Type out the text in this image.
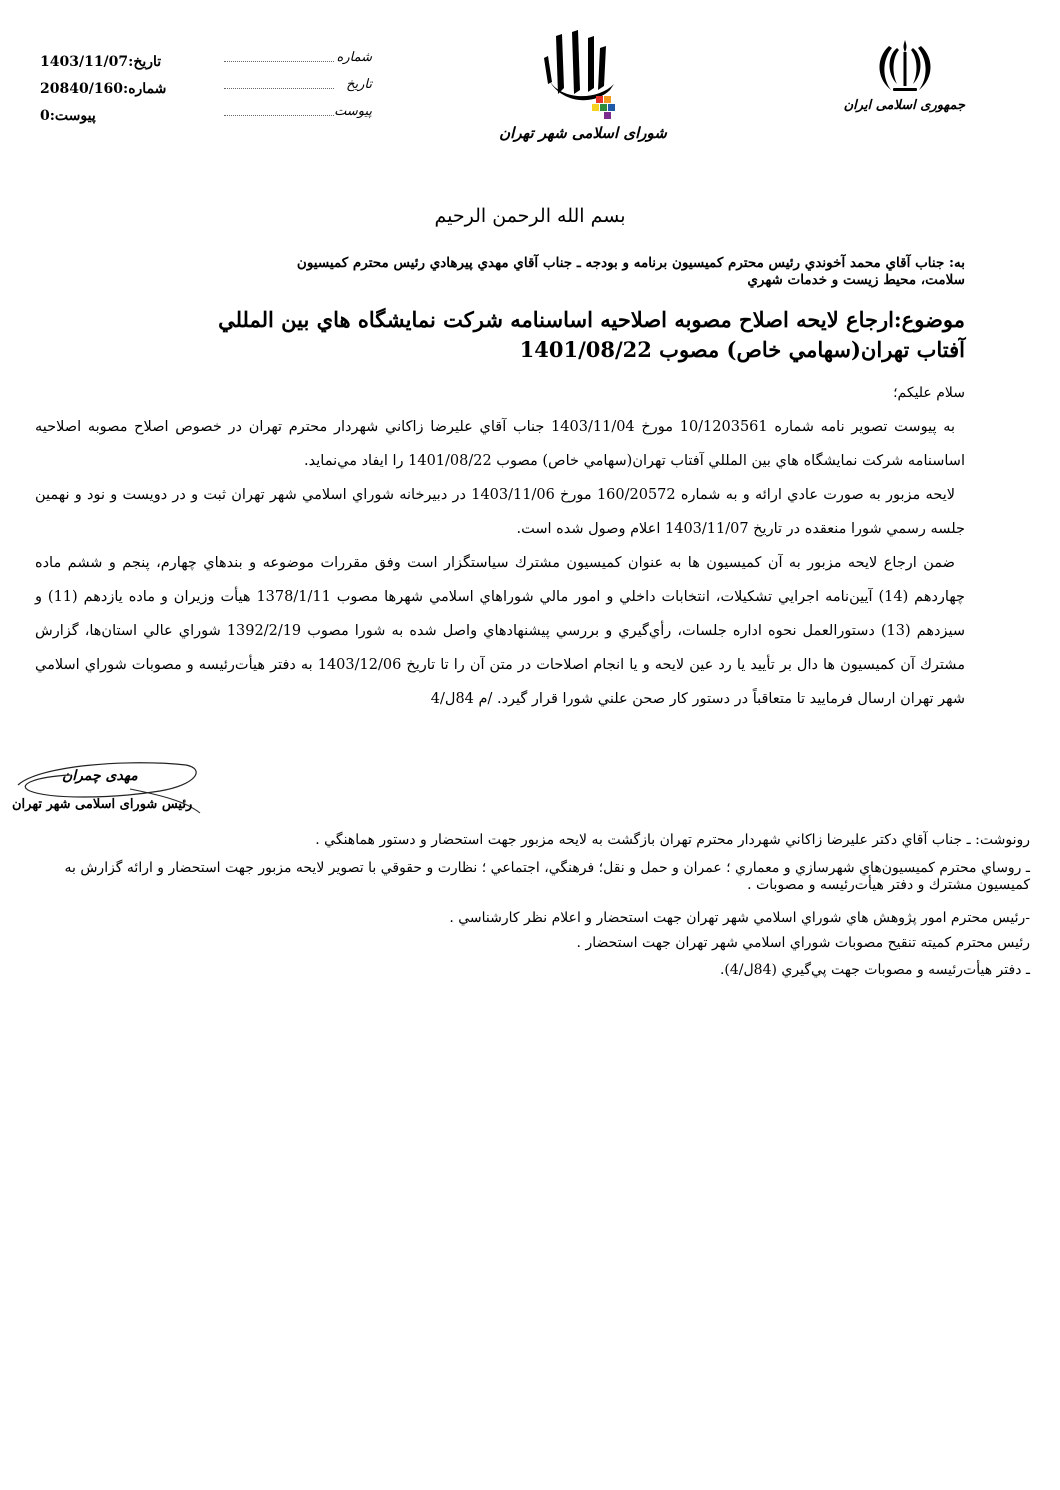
جمهوری اسلامی ایران
شورای اسلامی شهر تهران
شماره
تاریخ
پیوست
تاريخ:1403/11/07
شماره:20840/160
پيوست:0
بسم الله الرحمن الرحيم
به: جناب آقاي محمد آخوندي رئيس محترم كميسيون برنامه و بودجه ـ جناب آقاي مهدي پيرهادي رئيس محترم كميسيون سلامت، محيط زيست و خدمات شهري
موضوع:ارجاع لايحه اصلاح مصوبه اصلاحيه اساسنامه شركت نمايشگاه هاي بين المللي آفتاب تهران(سهامي خاص) مصوب 1401/08/22
سلام عليكم؛
به پيوست تصوير نامه شماره 10/1203561 مورخ 1403/11/04 جناب آقاي عليرضا زاكاني شهردار محترم تهران در خصوص اصلاح مصوبه اصلاحيه اساسنامه شركت نمايشگاه هاي بين المللي آفتاب تهران(سهامي خاص) مصوب 1401/08/22 را ايفاد مي‌نمايد.
لايحه مزبور به صورت عادي ارائه و به شماره 160/20572 مورخ 1403/11/06 در دبيرخانه شوراي اسلامي شهر تهران ثبت و در دويست و نود و نهمين جلسه رسمي شورا منعقده در تاريخ 1403/11/07 اعلام وصول شده است.
ضمن ارجاع لايحه مزبور به آن كميسيون ها به عنوان كميسيون مشترك سياستگزار است وفق مقررات موضوعه و بندهاي چهارم، پنجم و ششم ماده چهاردهم (14) آيين‌نامه اجرايي تشكيلات، انتخابات داخلي و امور مالي شوراهاي اسلامي شهرها مصوب 1378/1/11 هيأت وزيران و ماده يازدهم (11) و سيزدهم (13) دستورالعمل نحوه اداره جلسات، رأي‌گيري و بررسي پيشنهادهاي واصل شده به شورا مصوب 1392/2/19 شوراي عالي استان‌ها، گزارش مشترك آن كميسيون ها دال بر تأييد يا رد عين لايحه و يا انجام اصلاحات در متن آن را تا تاريخ 1403/12/06 به دفتر هيأت‌رئيسه و مصوبات شوراي اسلامي شهر تهران ارسال فرماييد تا متعاقباً در دستور كار صحن علني شورا قرار گيرد. /م 84ل/4
مهدی چمران
رئیس شورای اسلامی شهر تهران
رونوشت: ـ جناب آقاي دكتر عليرضا زاكاني شهردار محترم تهران بازگشت به لايحه مزبور جهت استحضار و دستور هماهنگي .
ـ روساي محترم كميسيون‌هاي شهرسازي و معماري ؛ عمران و حمل و نقل؛ فرهنگي، اجتماعي ؛ نظارت و حقوقي با تصوير لايحه مزبور جهت استحضار و ارائه گزارش به كميسيون مشترك و دفتر هيأت‌رئيسه و مصوبات .
-رئيس محترم امور پژوهش هاي شوراي اسلامي شهر تهران جهت استحضار و اعلام نظر كارشناسي .
رئيس محترم كميته تنقيح مصوبات شوراي اسلامي شهر تهران جهت استحضار .
ـ دفتر هيأت‌رئيسه و مصوبات جهت پي‌گيري (84ل/4).
